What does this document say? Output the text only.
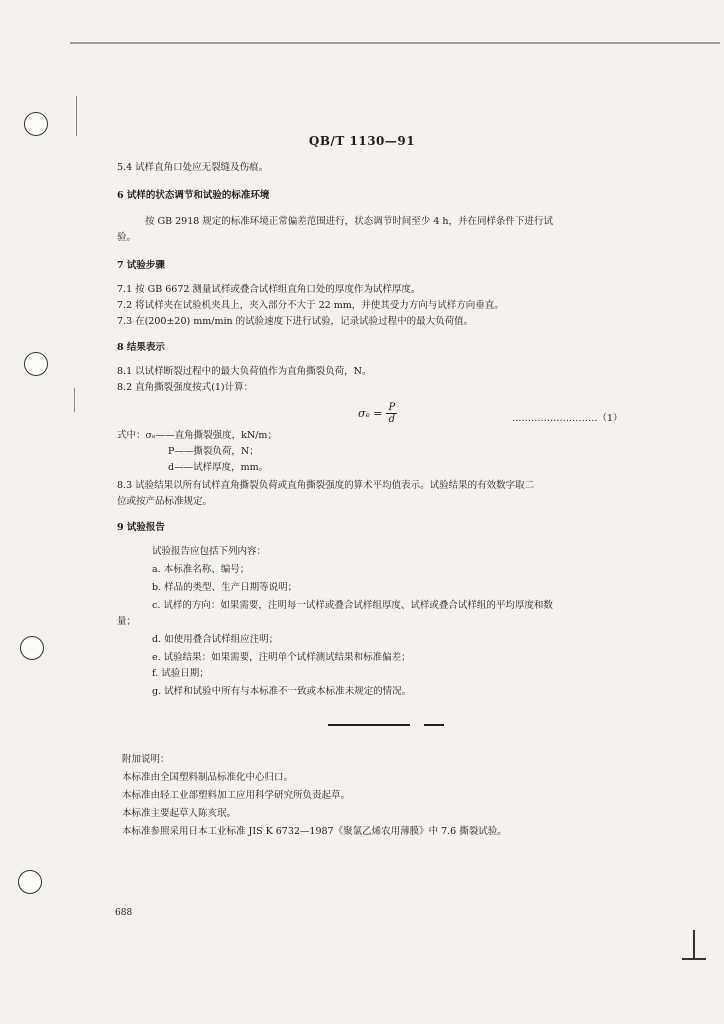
QB/T 1130—91
5.4 试样直角口处应无裂缝及伤痕。
6 试样的状态调节和试验的标准环境
按 GB 2918 规定的标准环境正常偏差范围进行，状态调节时间至少 4 h，并在同样条件下进行试
验。
7 试验步骤
7.1 按 GB 6672 测量试样或叠合试样组直角口处的厚度作为试样厚度。
7.2 将试样夹在试验机夹具上，夹入部分不大于 22 mm，并使其受力方向与试样方向垂直。
7.3 在(200±20) mm/min 的试验速度下进行试验，记录试验过程中的最大负荷值。
8 结果表示
8.1 以试样断裂过程中的最大负荷值作为直角撕裂负荷，N。
8.2 直角撕裂强度按式(1)计算：
式中：σₑ——直角撕裂强度，kN/m；
P——撕裂负荷，N；
d——试样厚度，mm。
8.3 试验结果以所有试样直角撕裂负荷或直角撕裂强度的算术平均值表示。试验结果的有效数字取二
位或按产品标准规定。
9 试验报告
试验报告应包括下列内容：
a. 本标准名称、编号；
b. 样品的类型、生产日期等说明；
c. 试样的方向：如果需要，注明每一试样或叠合试样组厚度、试样或叠合试样组的平均厚度和数
量；
d. 如使用叠合试样组应注明；
e. 试验结果：如果需要，注明单个试样测试结果和标准偏差；
f. 试验日期；
g. 试样和试验中所有与本标准不一致或本标准未规定的情况。
附加说明：
本标准由全国塑料制品标准化中心归口。
本标准由轻工业部塑料加工应用科学研究所负责起草。
本标准主要起草人陈亥珉。
本标准参照采用日本工业标准 JIS K 6732—1987《聚氯乙烯农用薄膜》中 7.6 撕裂试验。
$\sigma_e = \frac{P}{d}$	………………………（1）
688
